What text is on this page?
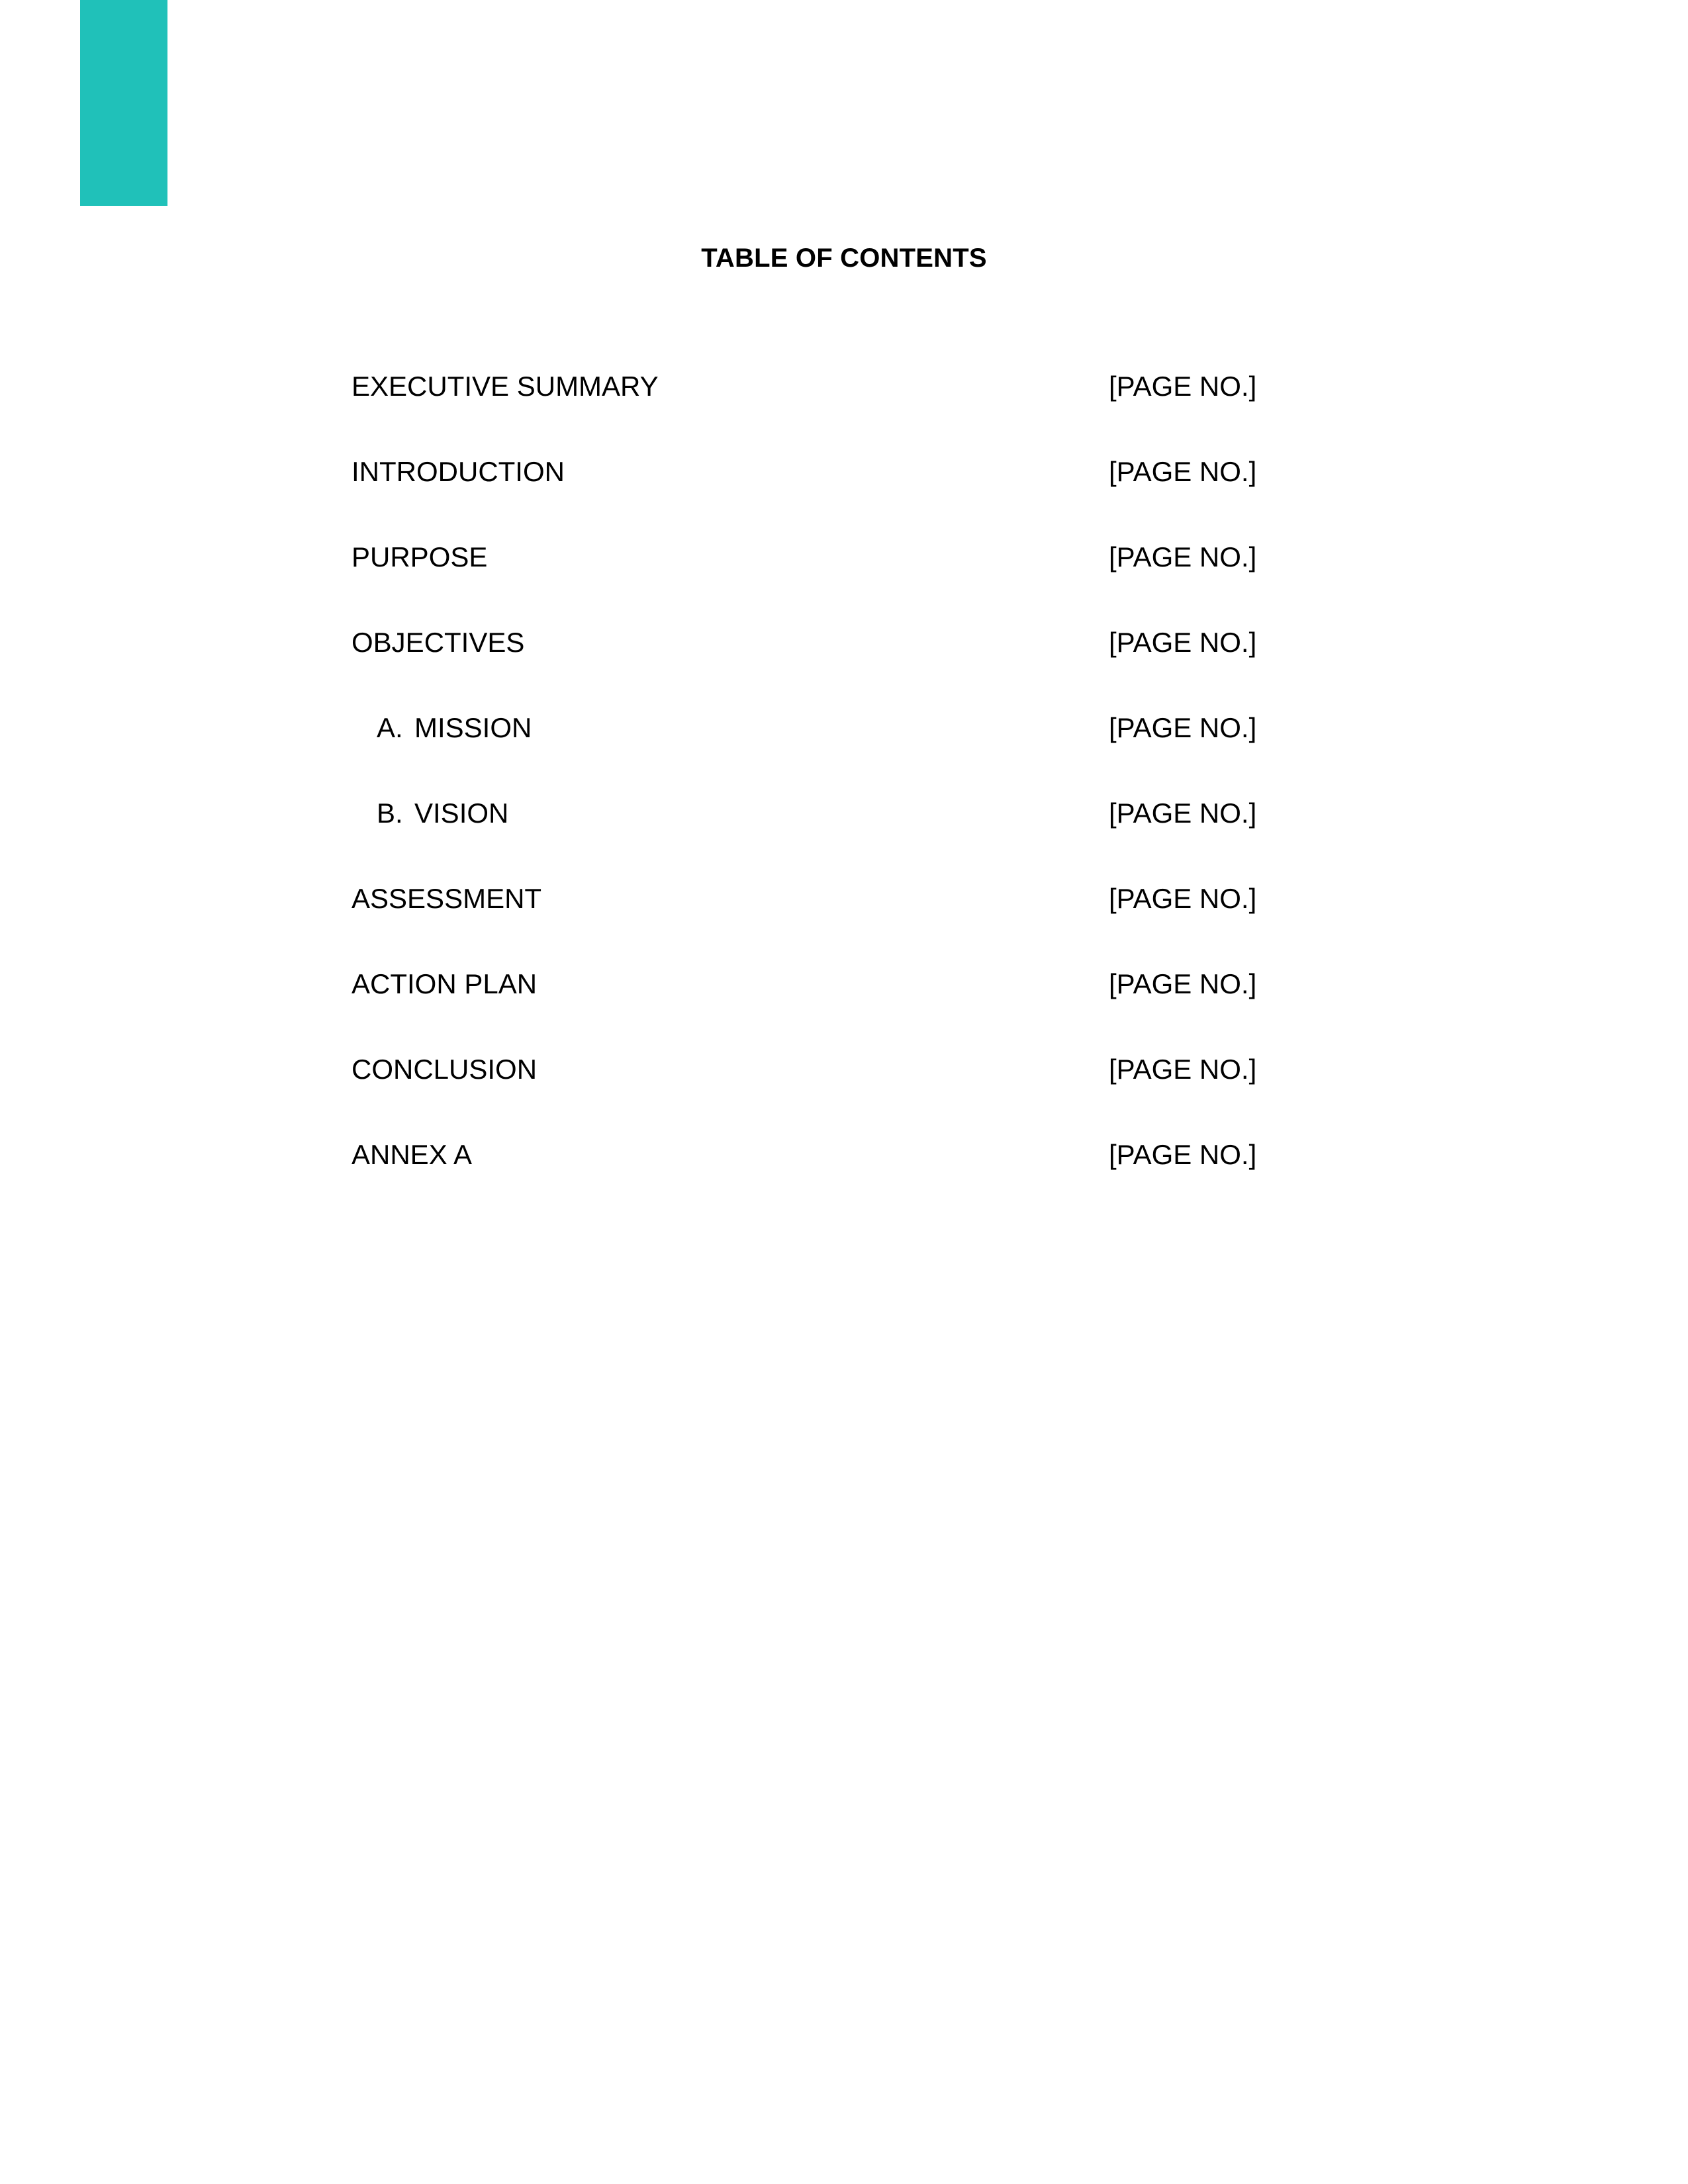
TABLE OF CONTENTS
EXECUTIVE SUMMARY	[PAGE NO.]
INTRODUCTION	[PAGE NO.]
PURPOSE	[PAGE NO.]
OBJECTIVES	[PAGE NO.]
A. MISSION	[PAGE NO.]
B. VISION	[PAGE NO.]
ASSESSMENT	[PAGE NO.]
ACTION PLAN	[PAGE NO.]
CONCLUSION	[PAGE NO.]
ANNEX A	[PAGE NO.]
